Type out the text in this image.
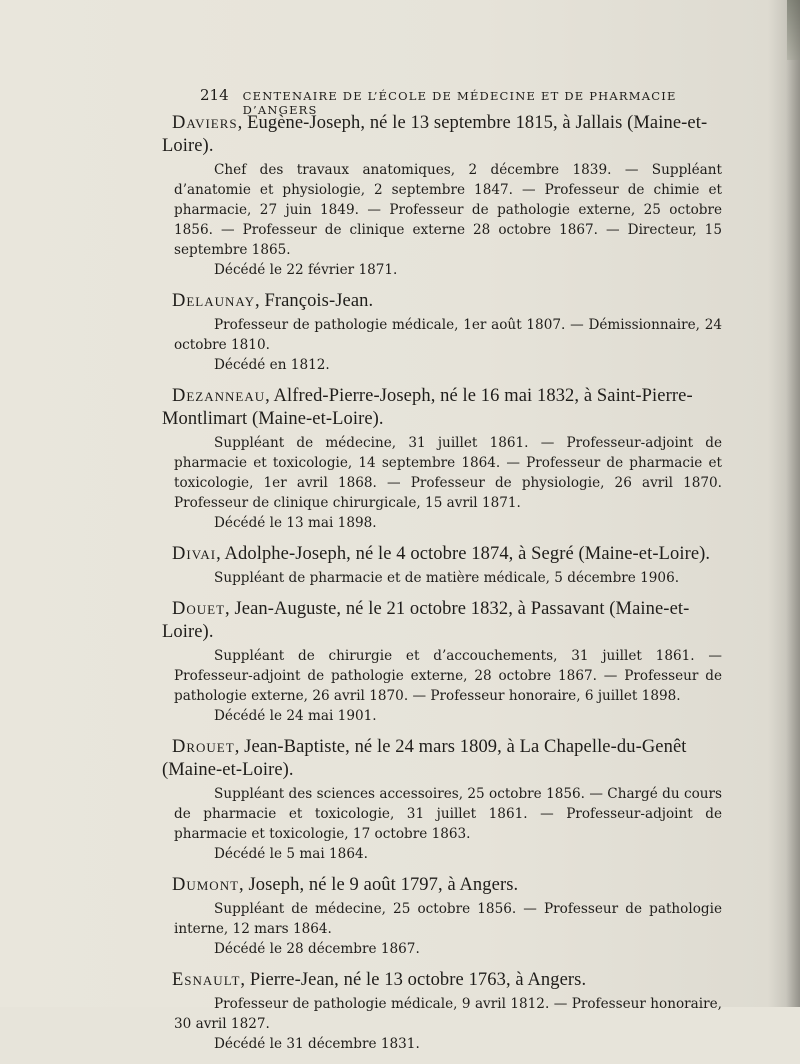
214 CENTENAIRE DE L’ÉCOLE DE MÉDECINE ET DE PHARMACIE D’ANGERS

Daviers, Eugène-Joseph, né le 13 septembre 1815, à Jallais (Maine-et-Loire).

Chef des travaux anatomiques, 2 décembre 1839. — Suppléant d’anatomie et physiologie, 2 septembre 1847. — Professeur de chimie et pharmacie, 27 juin 1849. — Professeur de pathologie externe, 25 octobre 1856. — Professeur de clinique externe 28 octobre 1867. — Directeur, 15 septembre 1865.

Décédé le 22 février 1871.

Delaunay, François-Jean.

Professeur de pathologie médicale, 1er août 1807. — Démissionnaire, 24 octobre 1810.

Décédé en 1812.

Dezanneau, Alfred-Pierre-Joseph, né le 16 mai 1832, à Saint-Pierre-Montlimart (Maine-et-Loire).

Suppléant de médecine, 31 juillet 1861. — Professeur-adjoint de pharmacie et toxicologie, 14 septembre 1864. — Professeur de pharmacie et toxicologie, 1er avril 1868. — Professeur de physiologie, 26 avril 1870. Professeur de clinique chirurgicale, 15 avril 1871.

Décédé le 13 mai 1898.

Divai, Adolphe-Joseph, né le 4 octobre 1874, à Segré (Maine-et-Loire).

Suppléant de pharmacie et de matière médicale, 5 décembre 1906.

Douet, Jean-Auguste, né le 21 octobre 1832, à Passavant (Maine-et-Loire).

Suppléant de chirurgie et d’accouchements, 31 juillet 1861. — Professeur-adjoint de pathologie externe, 28 octobre 1867. — Professeur de pathologie externe, 26 avril 1870. — Professeur honoraire, 6 juillet 1898.

Décédé le 24 mai 1901.

Drouet, Jean-Baptiste, né le 24 mars 1809, à La Chapelle-du-Genêt (Maine-et-Loire).

Suppléant des sciences accessoires, 25 octobre 1856. — Chargé du cours de pharmacie et toxicologie, 31 juillet 1861. — Professeur-adjoint de pharmacie et toxicologie, 17 octobre 1863.

Décédé le 5 mai 1864.

Dumont, Joseph, né le 9 août 1797, à Angers.

Suppléant de médecine, 25 octobre 1856. — Professeur de pathologie interne, 12 mars 1864.

Décédé le 28 décembre 1867.

Esnault, Pierre-Jean, né le 13 octobre 1763, à Angers.

Professeur de pathologie médicale, 9 avril 1812. — Professeur honoraire, 30 avril 1827.

Décédé le 31 décembre 1831.
